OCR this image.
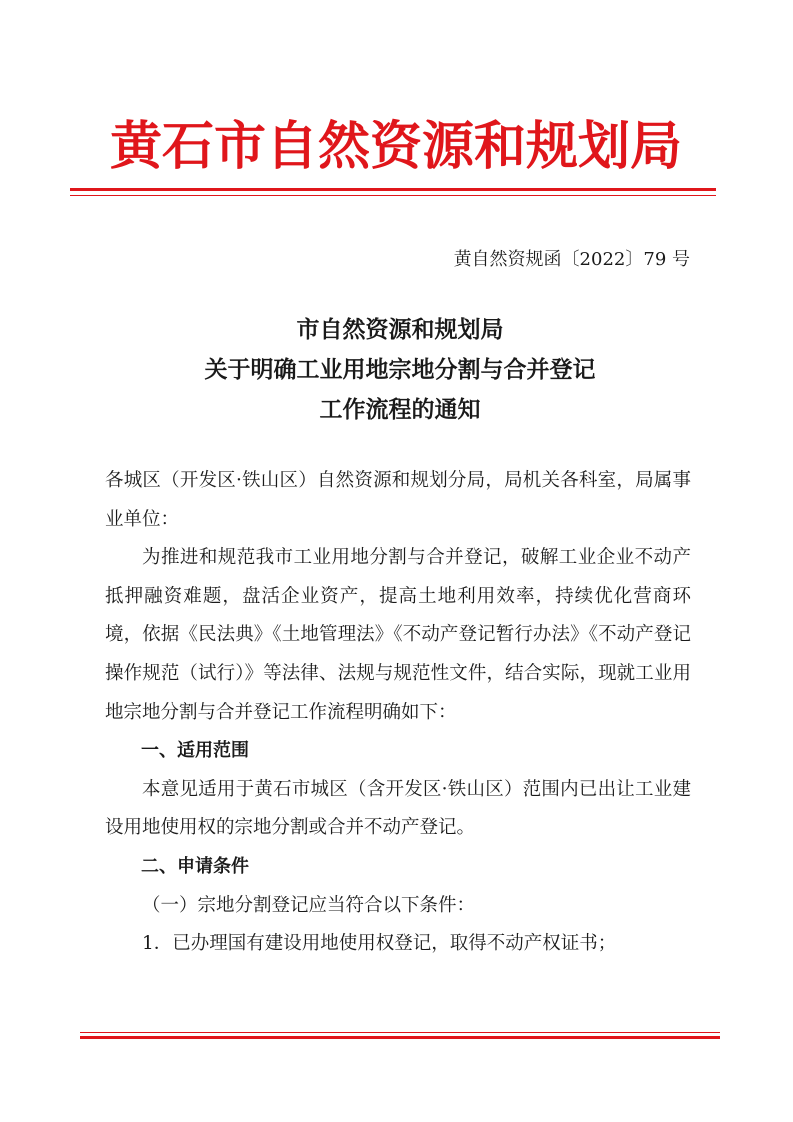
黄石市自然资源和规划局
黄自然资规函〔2022〕79 号
市自然资源和规划局
关于明确工业用地宗地分割与合并登记
工作流程的通知

各城区（开发区·铁山区）自然资源和规划分局，局机关各科室，局属事业单位：

为推进和规范我市工业用地分割与合并登记，破解工业企业不动产抵押融资难题，盘活企业资产，提高土地利用效率，持续优化营商环境，依据《民法典》《土地管理法》《不动产登记暂行办法》《不动产登记操作规范（试行）》等法律、法规与规范性文件，结合实际，现就工业用地宗地分割与合并登记工作流程明确如下：

一、适用范围

本意见适用于黄石市城区（含开发区·铁山区）范围内已出让工业建设用地使用权的宗地分割或合并不动产登记。

二、申请条件

（一）宗地分割登记应当符合以下条件：

1．已办理国有建设用地使用权登记，取得不动产权证书；
